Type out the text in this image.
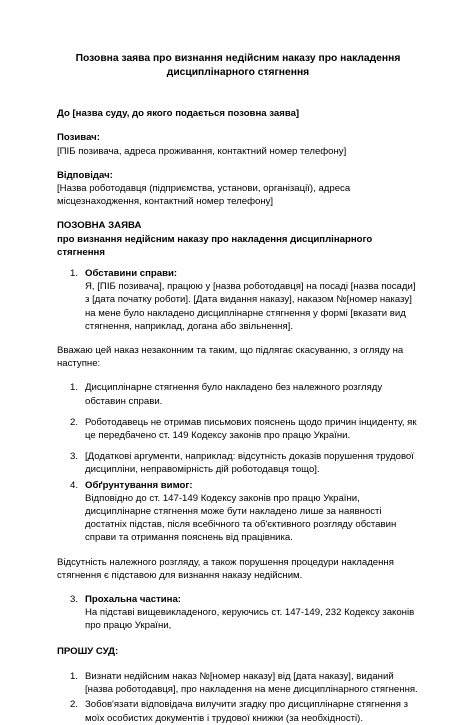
Позовна заява про визнання недійсним наказу про накладення дисциплінарного стягнення
До [назва суду, до якого подається позовна заява]
Позивач:
[ПІБ позивача, адреса проживання, контактний номер телефону]
Відповідач:
[Назва роботодавця (підприємства, установи, організації), адреса місцезнаходження, контактний номер телефону]
ПОЗОВНА ЗАЯВА
про визнання недійсним наказу про накладення дисциплінарного стягнення
1. Обставини справи:
Я, [ПІБ позивача], працюю у [назва роботодавця] на посаді [назва посади] з [дата початку роботи]. [Дата видання наказу], наказом №[номер наказу] на мене було накладено дисциплінарне стягнення у формі [вказати вид стягнення, наприклад, догана або звільнення].

Вважаю цей наказ незаконним та таким, що підлягає скасуванню, з огляду на наступне:

1. Дисциплінарне стягнення було накладено без належного розгляду обставин справи.
2. Роботодавець не отримав письмових пояснень щодо причин інциденту, як це передбачено ст. 149 Кодексу законів про працю України.
3. [Додаткові аргументи, наприклад: відсутність доказів порушення трудової дисципліни, неправомірність дій роботодавця тощо].
4. Обґрунтування вимог:
Відповідно до ст. 147-149 Кодексу законів про працю України, дисциплінарне стягнення може бути накладено лише за наявності достатніх підстав, після всебічного та об'єктивного розгляду обставин справи та отримання пояснень від працівника.

Відсутність належного розгляду, а також порушення процедури накладення стягнення є підставою для визнання наказу недійсним.

3. Прохальна частина:
На підставі вищевикладеного, керуючись ст. 147-149, 232 Кодексу законів про працю України,
ПРОШУ СУД:
1. Визнати недійсним наказ №[номер наказу] від [дата наказу], виданий [назва роботодавця], про накладення на мене дисциплінарного стягнення.
2. Зобов'язати відповідача вилучити згадку про дисциплінарне стягнення з моїх особистих документів і трудової книжки (за необхідності).
